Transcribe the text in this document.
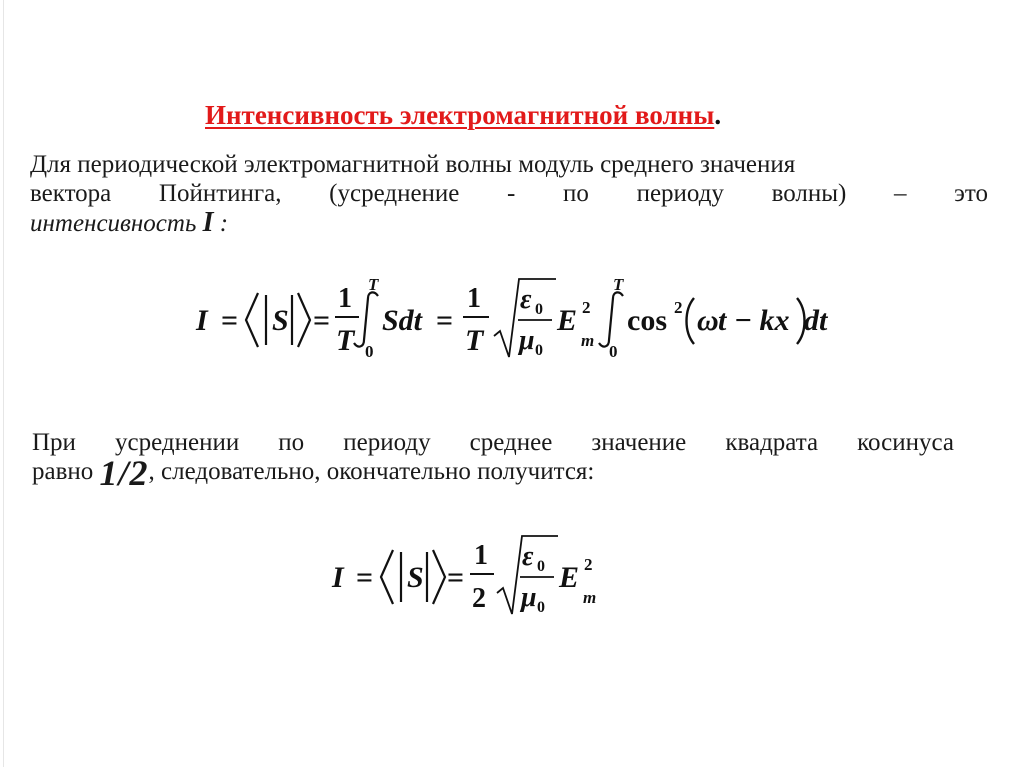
Интенсивность электромагнитной волны.
Для периодической электромагнитной волны модуль среднего значения
вектора Пойнтинга, (усреднение - по периоду волны) – это
интенсивность I :
I = S =
1
T
T
0
Sdt =
1
T
ε 0
μ 0
E 2
m
T
0
cos 2 ω t − kx dt
При усреднении по периоду среднее значение квадрата косинуса
равно 1/2, следовательно, окончательно получится:
I = S =
1
2
ε 0
μ 0
E 2
m
